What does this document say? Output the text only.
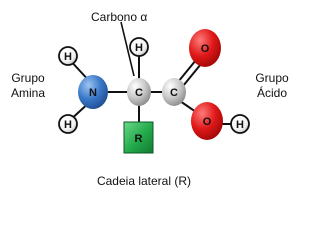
H
H
H
H
N	C C
O
O
R
Carbono α
Grupo
Amina
Grupo
Ácido
Cadeia lateral (R)
